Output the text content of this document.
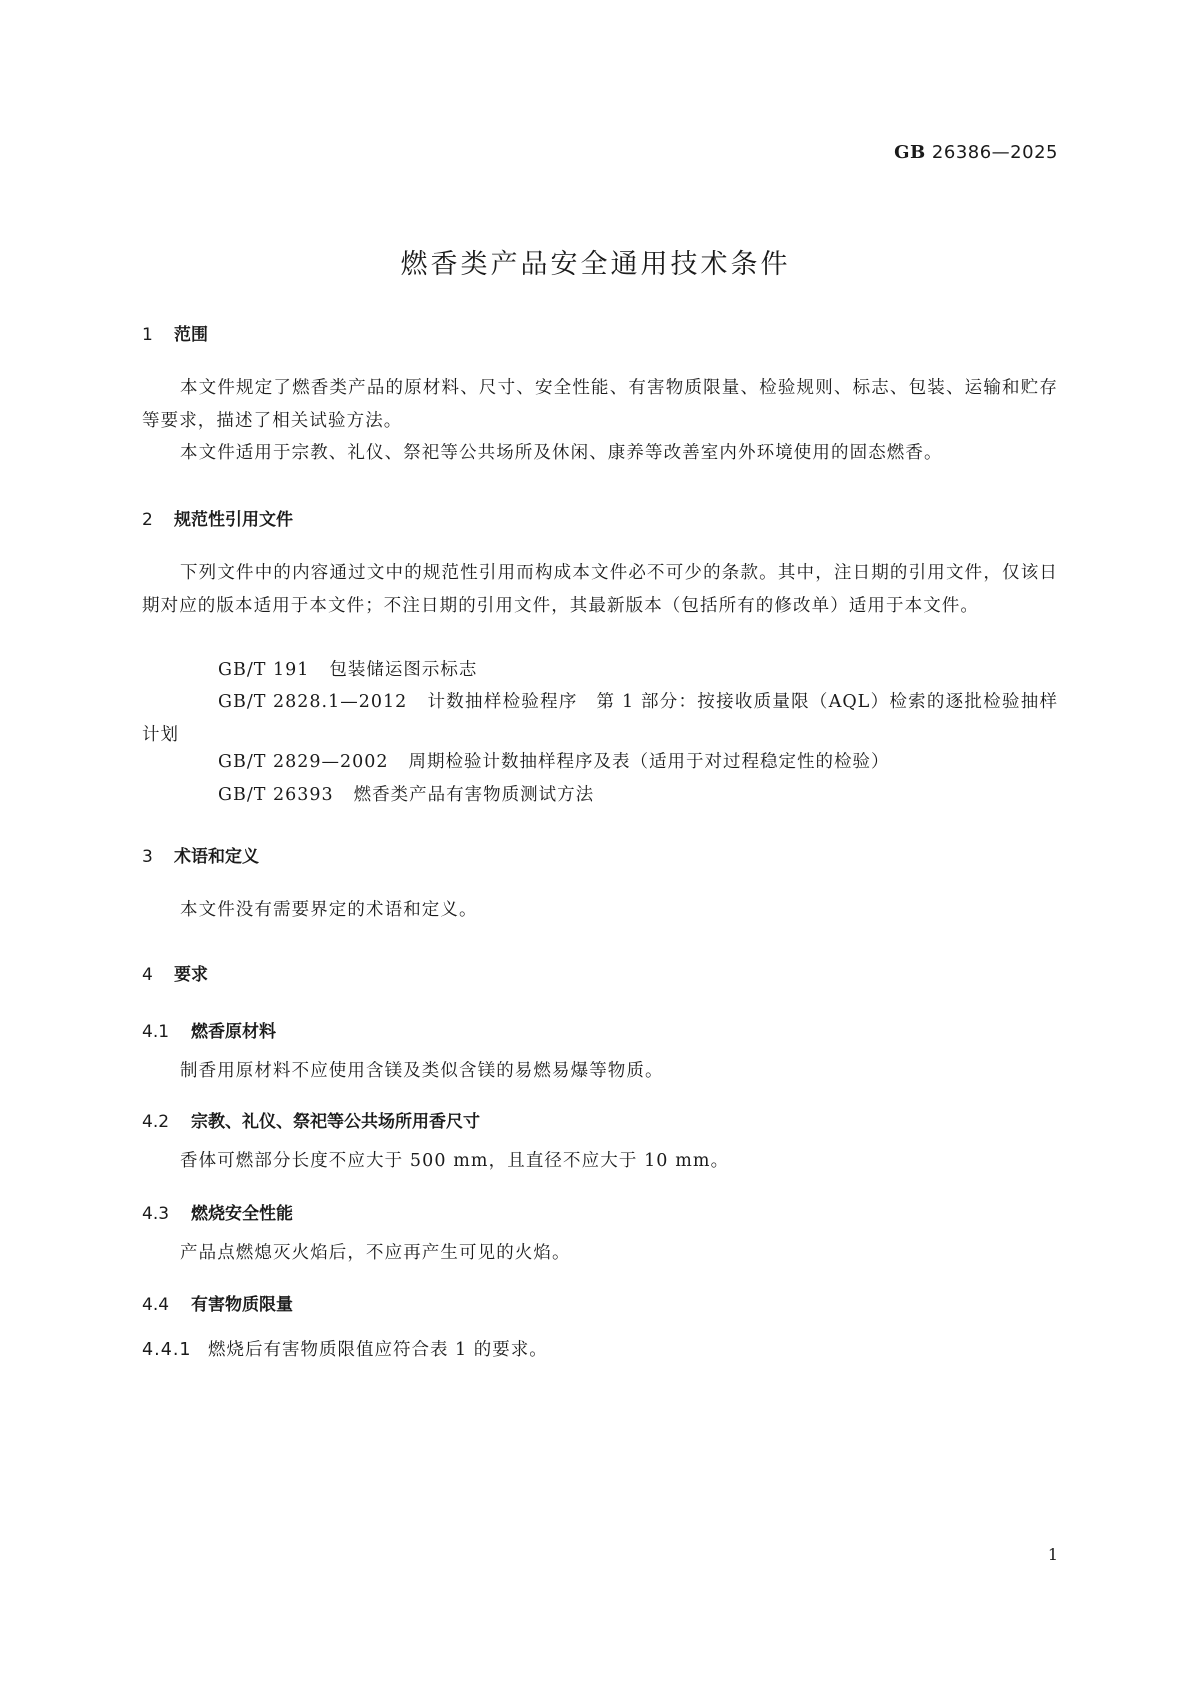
GB 26386—2025
燃香类产品安全通用技术条件
1 范围
本文件规定了燃香类产品的原材料、尺寸、安全性能、有害物质限量、检验规则、标志、包装、运输和贮存等要求，描述了相关试验方法。
本文件适用于宗教、礼仪、祭祀等公共场所及休闲、康养等改善室内外环境使用的固态燃香。
2 规范性引用文件
下列文件中的内容通过文中的规范性引用而构成本文件必不可少的条款。其中，注日期的引用文件，仅该日期对应的版本适用于本文件；不注日期的引用文件，其最新版本（包括所有的修改单）适用于本文件。
GB/T 191 包装储运图示标志
GB/T 2828.1—2012 计数抽样检验程序　第 1 部分：按接收质量限（AQL）检索的逐批检验抽样计划
GB/T 2829—2002 周期检验计数抽样程序及表（适用于对过程稳定性的检验）
GB/T 26393 燃香类产品有害物质测试方法
3 术语和定义
本文件没有需要界定的术语和定义。
4 要求
4.1 燃香原材料
制香用原材料不应使用含镁及类似含镁的易燃易爆等物质。
4.2 宗教、礼仪、祭祀等公共场所用香尺寸
香体可燃部分长度不应大于 500 mm，且直径不应大于 10 mm。
4.3 燃烧安全性能
产品点燃熄灭火焰后，不应再产生可见的火焰。
4.4 有害物质限量
4.4.1 燃烧后有害物质限值应符合表 1 的要求。
1
